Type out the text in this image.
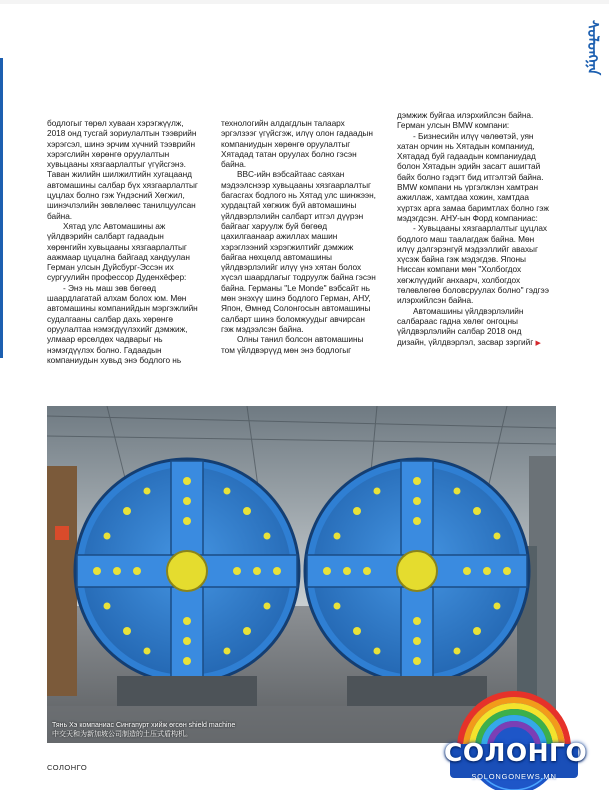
ᠰᠣᠯᠣᠩᠭ᠋ᠠ

бодлогыг төрөл хуваан хэрэгжүүлж, 2018 онд тусгай зориулалтын тээврийн хэрэгсэл, шинэ эрчим хүчний тээврийн хэрэгслийн хөрөнгө оруулалтын хувьцааны хязгаарлалтыг үгүйсгэнэ. Таван жилийн шилжилтийн хугацаанд автомашины салбар бүх хязгаарлалтыг цуцлах болно гэж Үндэсний Хөгжил, шинэчлэлийн зөвлөлөөс танилцуулсан байна.

Хятад улс Автомашины аж үйлдвэрийн салбарт гадаадын хөрөнгийн хувьцааны хязгаарлалтыг аажмаар цуцална байгаад хандуулан Герман улсын Дуйсбург-Эссэн их сургуулийн профессор Дуденхёфер:

- Энэ нь маш зөв бөгөөд шаардлагатай алхам болох юм. Мөн автомашины компанийдын мэргэжлийн судалгааны салбар дахь хөрөнгө оруулалтаа нэмэгдүүлэхийг дэмжиж, улмаар өрсөлдөх чадварыг нь нэмэгдүүлэх болно. Гадаадын компаниудын хувьд энэ бодлого нь

технологийн алдагдлын талаарх эргэлзээг үгүйсгэж, илүү олон гадаадын компаниудын хөрөнгө оруулалтыг Хятадад татан оруулах болно гэсэн байна.

BBC-ийн вэбсайтаас саяхан мэдээлснээр хувьцааны хязгаарлалтыг багасгах бодлого нь Хятад улс шинжээн, хурдацтай хөгжиж буй автомашины үйлдвэрлэлийн салбарт итгэл дүүрэн байгааг харуулж буй бөгөөд цахилгаанаар ажиллах машин хэрэглээний хэрэгжилтийг дэмжиж байгаа нөхцөлд автомашины үйлдвэрлэлийг илүү үнэ хятан болох хүсэл шаардлагыг тодруулж байна гэсэн байна. Германы "Le Monde" вэбсайт нь мөн энэхүү шинэ бодлого Герман, АНУ, Япон, Өмнөд Солонгосын автомашины салбарт шинэ боломжуудыг авчирсан гэж мэдээлсэн байна.

Олны танил болсон автомашины том үйлдвэрүүд мөн энэ бодлогыг

дэмжиж буйгаа илэрхийлсэн байна. Герман улсын BMW компани:

- Бизнесийн илүү чөлөөтэй, уян хатан орчин нь Хятадын компаниуд, Хятадад буй гадаадын компаниудад болон Хятадын эдийн засагт ашигтай байх болно гэдэгт бид итгэлтэй байна. BMW компани нь үргэлжлэн хамтран ажиллаж, хамтдаа хожин, хамтдаа хүртэх арга замаа баримтлах болно гэж мэдэгдсэн. АНУ-ын Форд компаниас:

- Хувьцааны хязгаарлалтыг цуцлах бодлого маш таалагдаж байна. Мөн илүү дэлгэрэнгүй мэдээллийг авахыг хүсэж байна гэж мэдэгдэв. Японы Ниссан компани мөн "Холбогдох хөгжлүүдийг анхаарч, холбогдох төлөвлөгөө боловсруулах болно" гэдгээ илэрхийлсэн байна.

Автомашины үйлдвэрлэлийн салбараас гадна хөлөг онгоцны үйлдвэрлэлийн салбар 2018 онд дизайн, үйлдвэрлэл, засвар зэргийг ▶

Тянь Хэ компаниас Сингапурт хийж өгсөн shield machine
中交天和为新加坡公司制造的土压式盾构机。
СОЛОНГО
СОЛОНГО
SOLONGONEWS.MN
